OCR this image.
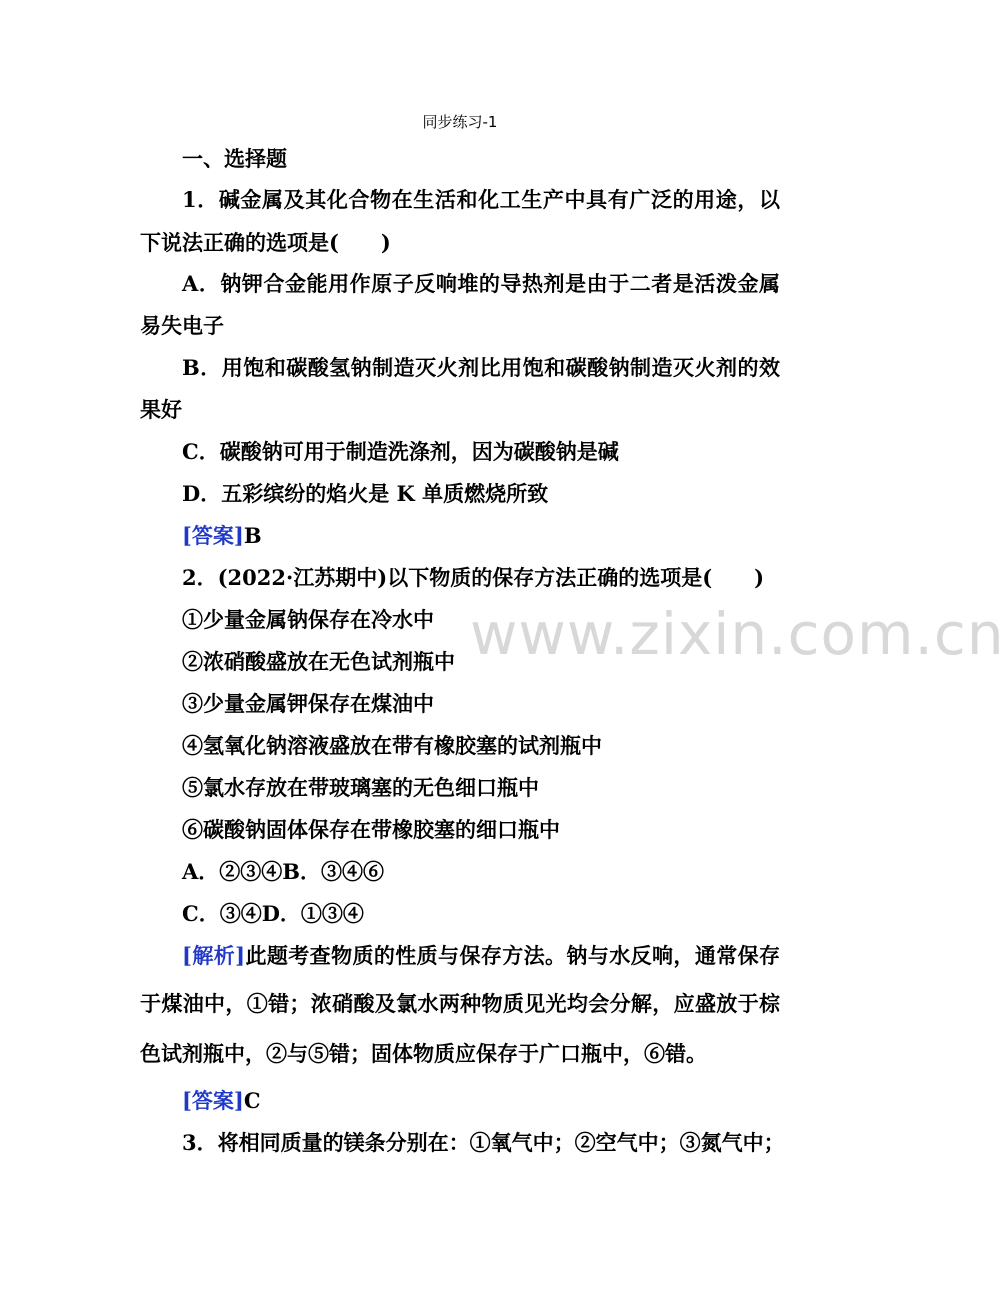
www.zixin.com.cn
同步练习-1
一、选择题
1．碱金属及其化合物在生活和化工生产中具有广泛的用途，以
下说法正确的选项是(　　)
A．钠钾合金能用作原子反响堆的导热剂是由于二者是活泼金属
易失电子
B．用饱和碳酸氢钠制造灭火剂比用饱和碳酸钠制造灭火剂的效
果好
C．碳酸钠可用于制造洗涤剂，因为碳酸钠是碱
D．五彩缤纷的焰火是 K 单质燃烧所致
[答案]B
2．(2022·江苏期中)以下物质的保存方法正确的选项是(　　)
①少量金属钠保存在冷水中
②浓硝酸盛放在无色试剂瓶中
③少量金属钾保存在煤油中
④氢氧化钠溶液盛放在带有橡胶塞的试剂瓶中
⑤氯水存放在带玻璃塞的无色细口瓶中
⑥碳酸钠固体保存在带橡胶塞的细口瓶中
A．②③④B．③④⑥
C．③④D．①③④
[解析]此题考查物质的性质与保存方法。钠与水反响，通常保存
于煤油中，①错；浓硝酸及氯水两种物质见光均会分解，应盛放于棕
色试剂瓶中，②与⑤错；固体物质应保存于广口瓶中，⑥错。
[答案]C
3．将相同质量的镁条分别在：①氧气中；②空气中；③氮气中；
